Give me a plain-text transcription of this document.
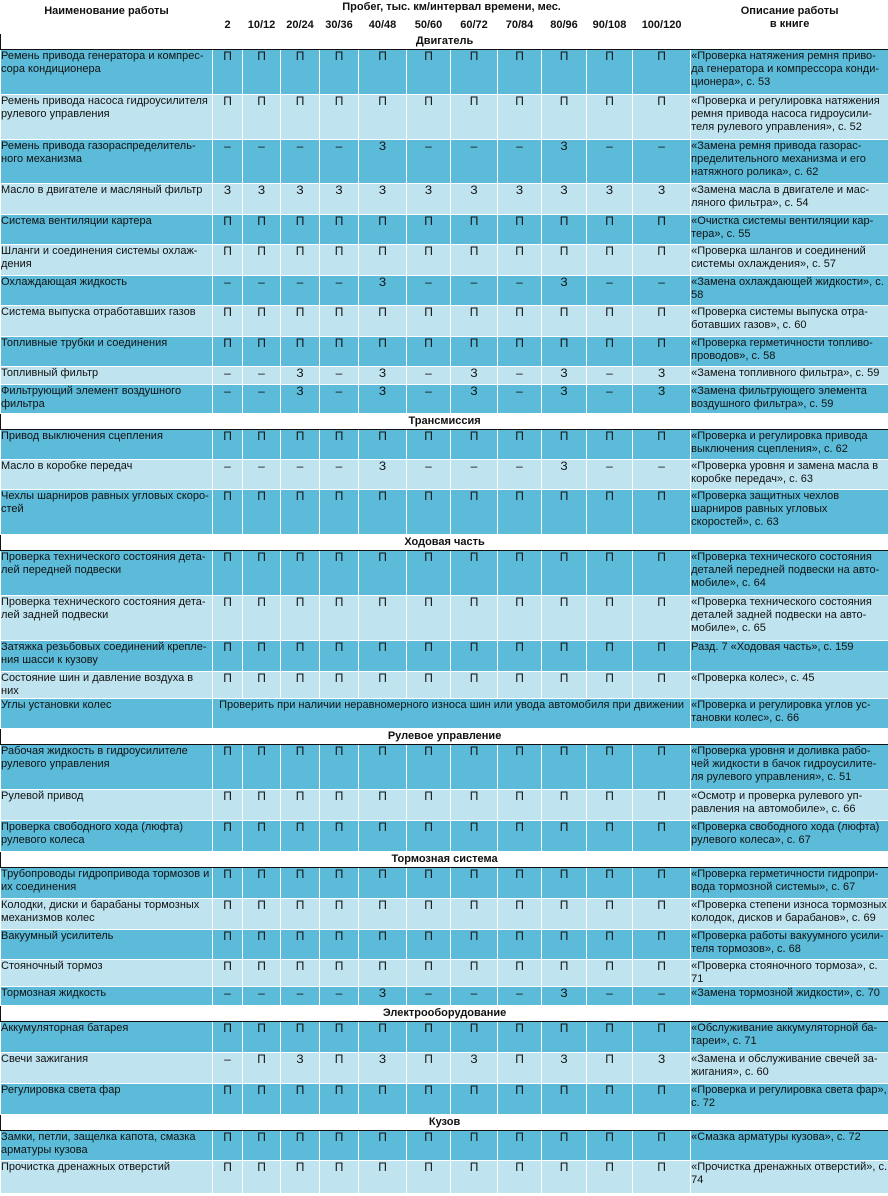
Наименование работы	Пробег, тыс. км/интервал времени, мес.											Описание работы
в книге
	2	10/12	20/24	30/36	40/48	50/60	60/72	70/84	80/96	90/108	100/120	
Двигатель												
Ремень привода генератора и компрес-сора кондиционера	П	П	П	П	П	П	П	П	П	П	П	«Проверка натяжения ремня приво-да генератора и компрессора конди-ционера», с. 53
Ремень привода насоса гидроусилителя рулевого управления	П	П	П	П	П	П	П	П	П	П	П	«Проверка и регулировка натяжения ремня привода насоса гидроусили-теля рулевого управления», с. 52
Ремень привода газораспределитель-ного механизма	–	–	–	–	З	–	–	–	З	–	–	«Замена ремня привода газорас-пределительного механизма и его натяжного ролика», с. 62
Масло в двигателе и масляный фильтр	З	З	З	З	З	З	З	З	З	З	З	«Замена масла в двигателе и мас-ляного фильтра», с. 54
Система вентиляции картера	П	П	П	П	П	П	П	П	П	П	П	«Очистка системы вентиляции кар-тера», с. 55
Шланги и соединения системы охлаж-дения	П	П	П	П	П	П	П	П	П	П	П	«Проверка шлангов и соединений системы охлаждения», с. 57
Охлаждающая жидкость	–	–	–	–	З	–	–	–	З	–	–	«Замена охлаждающей жидкости», с. 58
Система выпуска отработавших газов	П	П	П	П	П	П	П	П	П	П	П	«Проверка системы выпуска отра-ботавших газов», с. 60
Топливные трубки и соединения	П	П	П	П	П	П	П	П	П	П	П	«Проверка герметичности топливо-проводов», с. 58
Топливный фильтр	–	–	З	–	З	–	З	–	З	–	З	«Замена топливного фильтра», с. 59
Фильтрующий элемент воздушного фильтра	–	–	З	–	З	–	З	–	З	–	З	«Замена фильтрующего элемента воздушного фильтра», с. 59
Трансмиссия												
Привод выключения сцепления	П	П	П	П	П	П	П	П	П	П	П	«Проверка и регулировка привода выключения сцепления», с. 62
Масло в коробке передач	–	–	–	–	З	–	–	–	З	–	–	«Проверка уровня и замена масла в коробке передач», с. 63
Чехлы шарниров равных угловых скоро-стей	П	П	П	П	П	П	П	П	П	П	П	«Проверка защитных чехлов шарниров равных угловых скоростей», с. 63
Ходовая часть												
Проверка технического состояния дета-лей передней подвески	П	П	П	П	П	П	П	П	П	П	П	«Проверка технического состояния деталей передней подвески на авто-мобиле», с. 64
Проверка технического состояния дета-лей задней подвески	П	П	П	П	П	П	П	П	П	П	П	«Проверка технического состояния деталей задней подвески на авто-мобиле», с. 65
Затяжка резьбовых соединений крепле-ния шасси к кузову	П	П	П	П	П	П	П	П	П	П	П	Разд. 7 «Ходовая часть», с. 159
Состояние шин и давление воздуха в них	П	П	П	П	П	П	П	П	П	П	П	«Проверка колес», с. 45
Углы установки колес	Проверить при наличии неравномерного износа шин или увода автомобиля при движении											«Проверка и регулировка углов ус-тановки колес», с. 66
Рулевое управление												
Рабочая жидкость в гидроусилителе рулевого управления	П	П	П	П	П	П	П	П	П	П	П	«Проверка уровня и доливка рабо-чей жидкости в бачок гидроусилите-ля рулевого управления», с. 51
Рулевой привод	П	П	П	П	П	П	П	П	П	П	П	«Осмотр и проверка рулевого уп-равления на автомобиле», с. 66
Проверка свободного хода (люфта) рулевого колеса	П	П	П	П	П	П	П	П	П	П	П	«Проверка свободного хода (люфта) рулевого колеса», с. 67
Тормозная система												
Трубопроводы гидропривода тормозов и их соединения	П	П	П	П	П	П	П	П	П	П	П	«Проверка герметичности гидропри-вода тормозной системы», с. 67
Колодки, диски и барабаны тормозных механизмов колес	П	П	П	П	П	П	П	П	П	П	П	«Проверка степени износа тормозных колодок, дисков и барабанов», с. 69
Вакуумный усилитель	П	П	П	П	П	П	П	П	П	П	П	«Проверка работы вакуумного усили-теля тормозов», с. 68
Стояночный тормоз	П	П	П	П	П	П	П	П	П	П	П	«Проверка стояночного тормоза», с. 71
Тормозная жидкость	–	–	–	–	З	–	–	–	З	–	–	«Замена тормозной жидкости», с. 70
Электрооборудование												
Аккумуляторная батарея	П	П	П	П	П	П	П	П	П	П	П	«Обслуживание аккумуляторной ба-тареи», с. 71
Свечи зажигания	–	П	З	П	З	П	З	П	З	П	З	«Замена и обслуживание свечей за-жигания», с. 60
Регулировка света фар	П	П	П	П	П	П	П	П	П	П	П	«Проверка и регулировка света фар», с. 72
Кузов												
Замки, петли, защелка капота, смазка арматуры кузова	П	П	П	П	П	П	П	П	П	П	П	«Смазка арматуры кузова», с. 72
Прочистка дренажных отверстий	П	П	П	П	П	П	П	П	П	П	П	«Прочистка дренажных отверстий», с. 74
